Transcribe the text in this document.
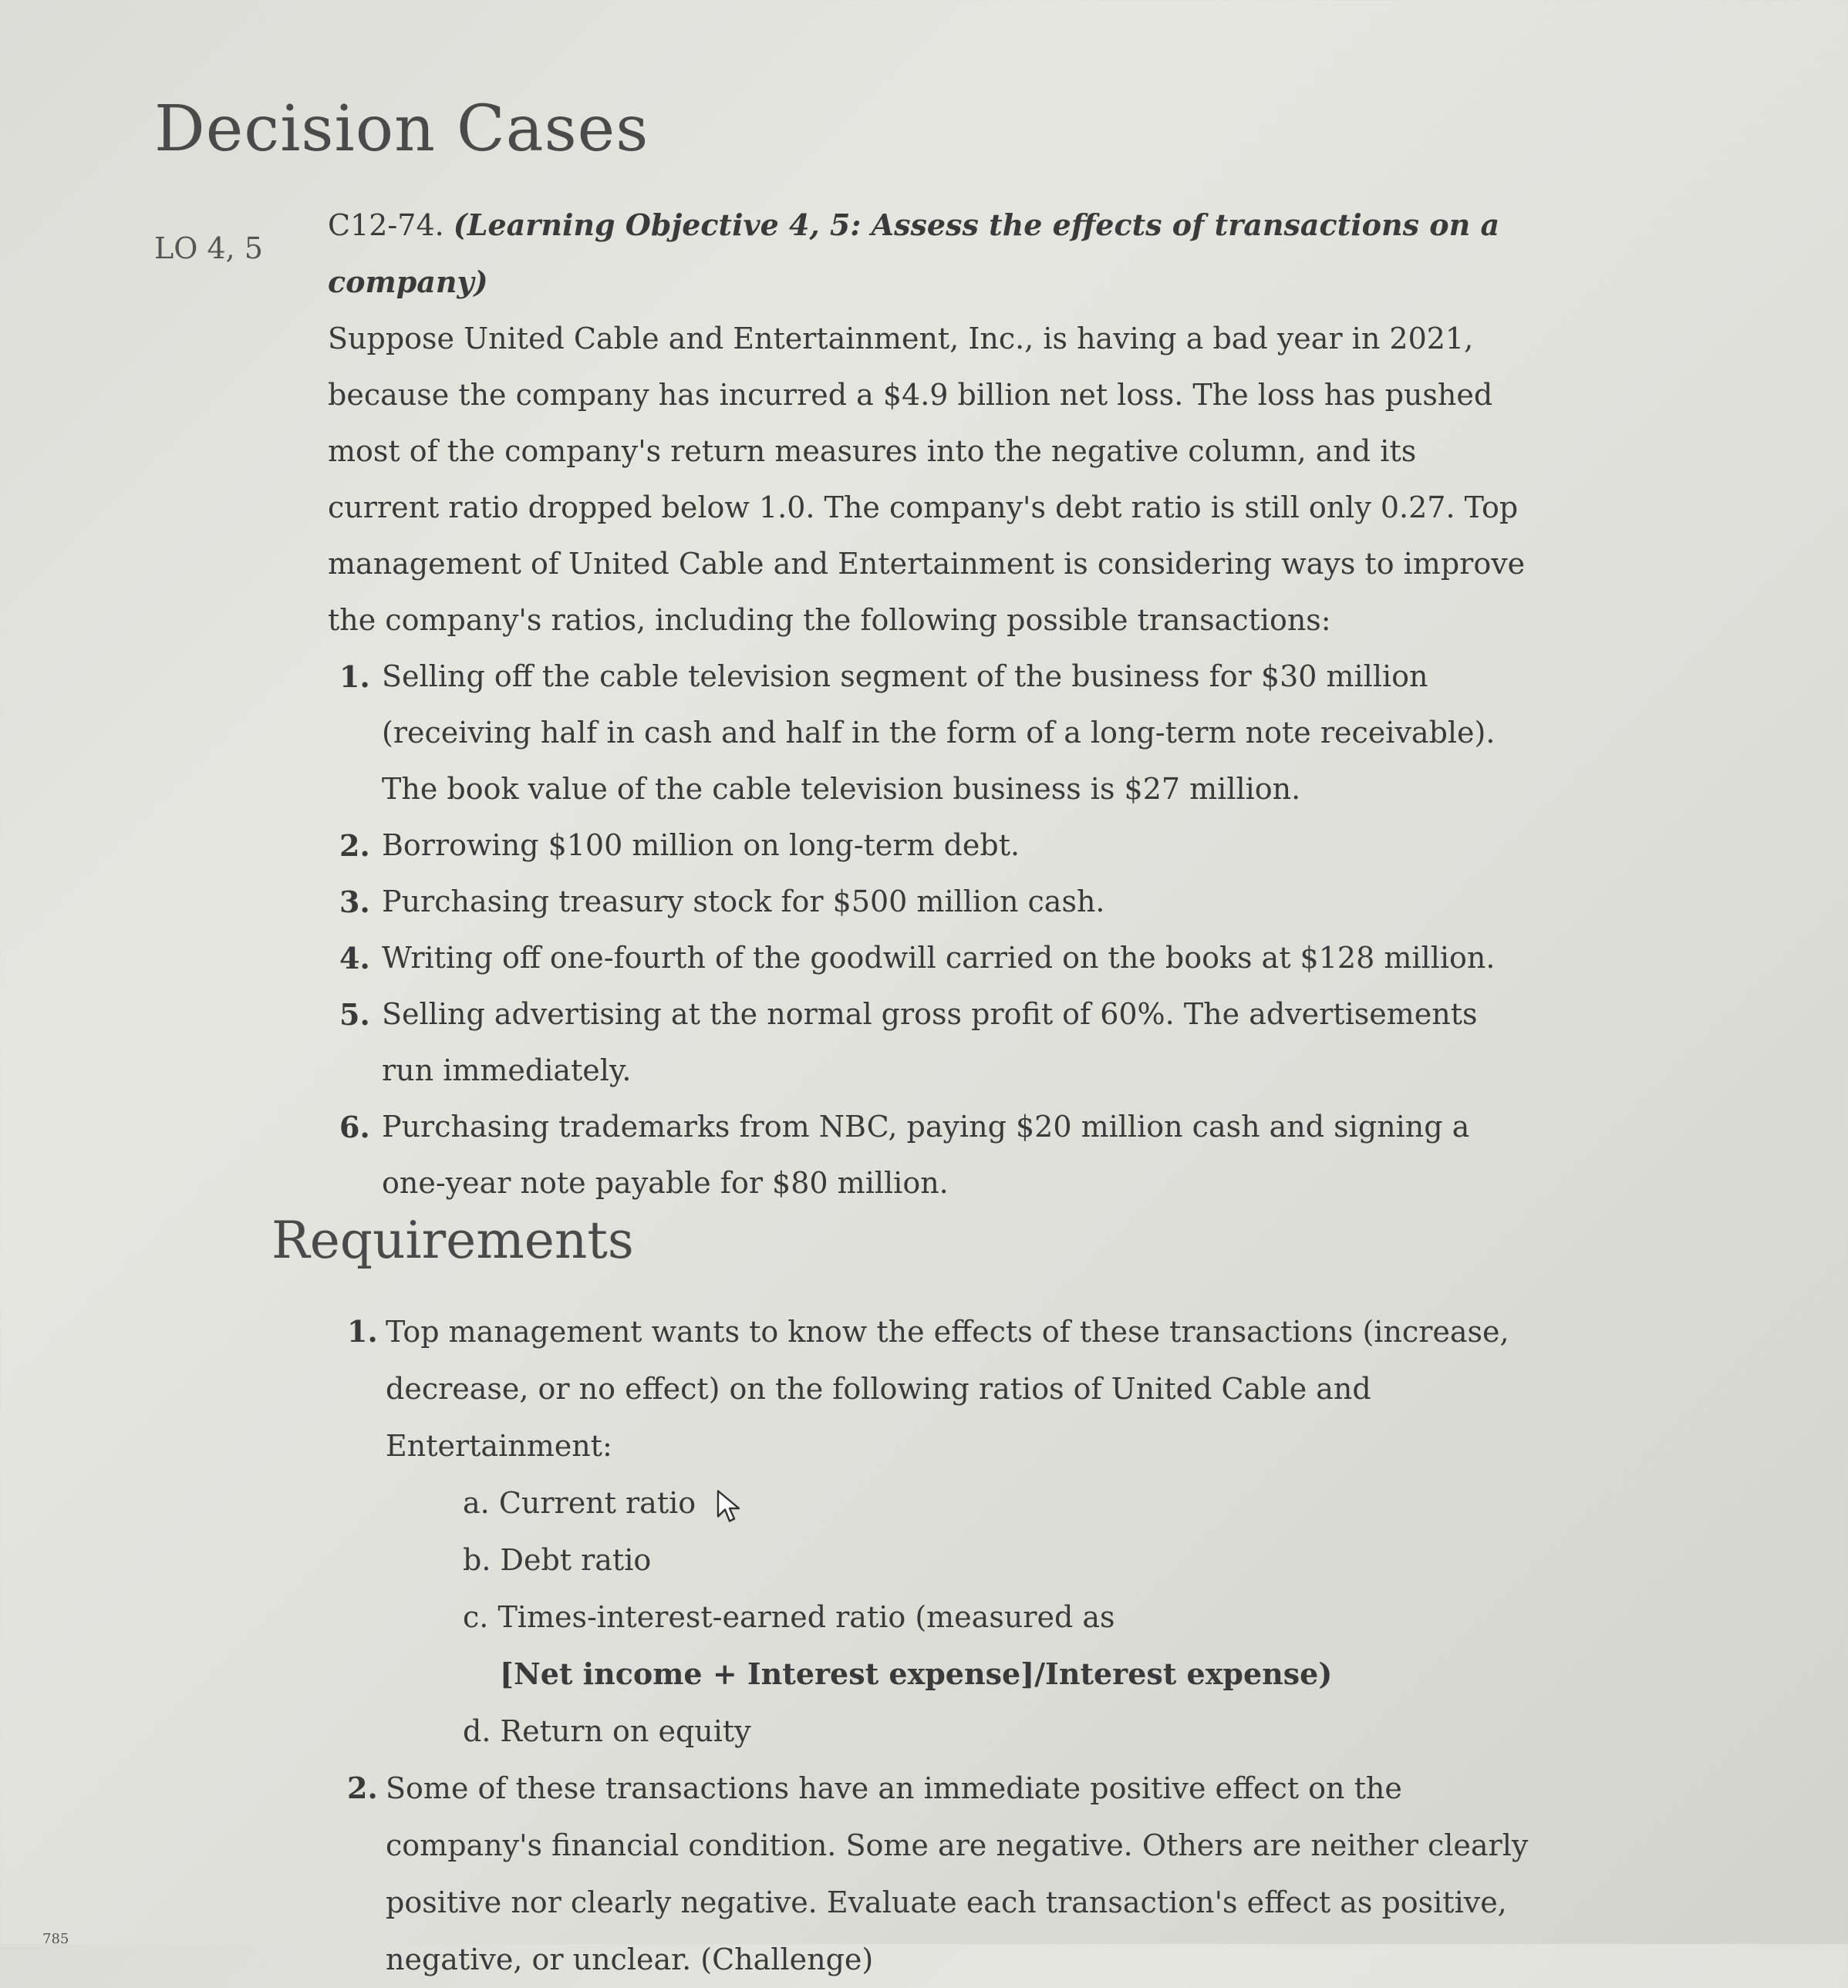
Decision Cases
LO 4, 5

C12-74. (Learning Objective 4, 5: Assess the effects of transactions on a company)

Suppose United Cable and Entertainment, Inc., is having a bad year in 2021, because the company has incurred a $4.9 billion net loss. The loss has pushed most of the company's return measures into the negative column, and its current ratio dropped below 1.0. The company's debt ratio is still only 0.27. Top management of United Cable and Entertainment is considering ways to improve the company's ratios, including the following possible transactions:

1. Selling off the cable television segment of the business for $30 million (receiving half in cash and half in the form of a long-term note receivable). The book value of the cable television business is $27 million.
2. Borrowing $100 million on long-term debt.
3. Purchasing treasury stock for $500 million cash.
4. Writing off one-fourth of the goodwill carried on the books at $128 million.
5. Selling advertising at the normal gross profit of 60%. The advertisements run immediately.
6. Purchasing trademarks from NBC, paying $20 million cash and signing a one-year note payable for $80 million.
Requirements
1. Top management wants to know the effects of these transactions (increase, decrease, or no effect) on the following ratios of United Cable and Entertainment:
a. Current ratio
b. Debt ratio
c. Times-interest-earned ratio (measured as
[Net income + Interest expense]/Interest expense)
d. Return on equity
2. Some of these transactions have an immediate positive effect on the company's financial condition. Some are negative. Others are neither clearly positive nor clearly negative. Evaluate each transaction's effect as positive, negative, or unclear. (Challenge)
785
